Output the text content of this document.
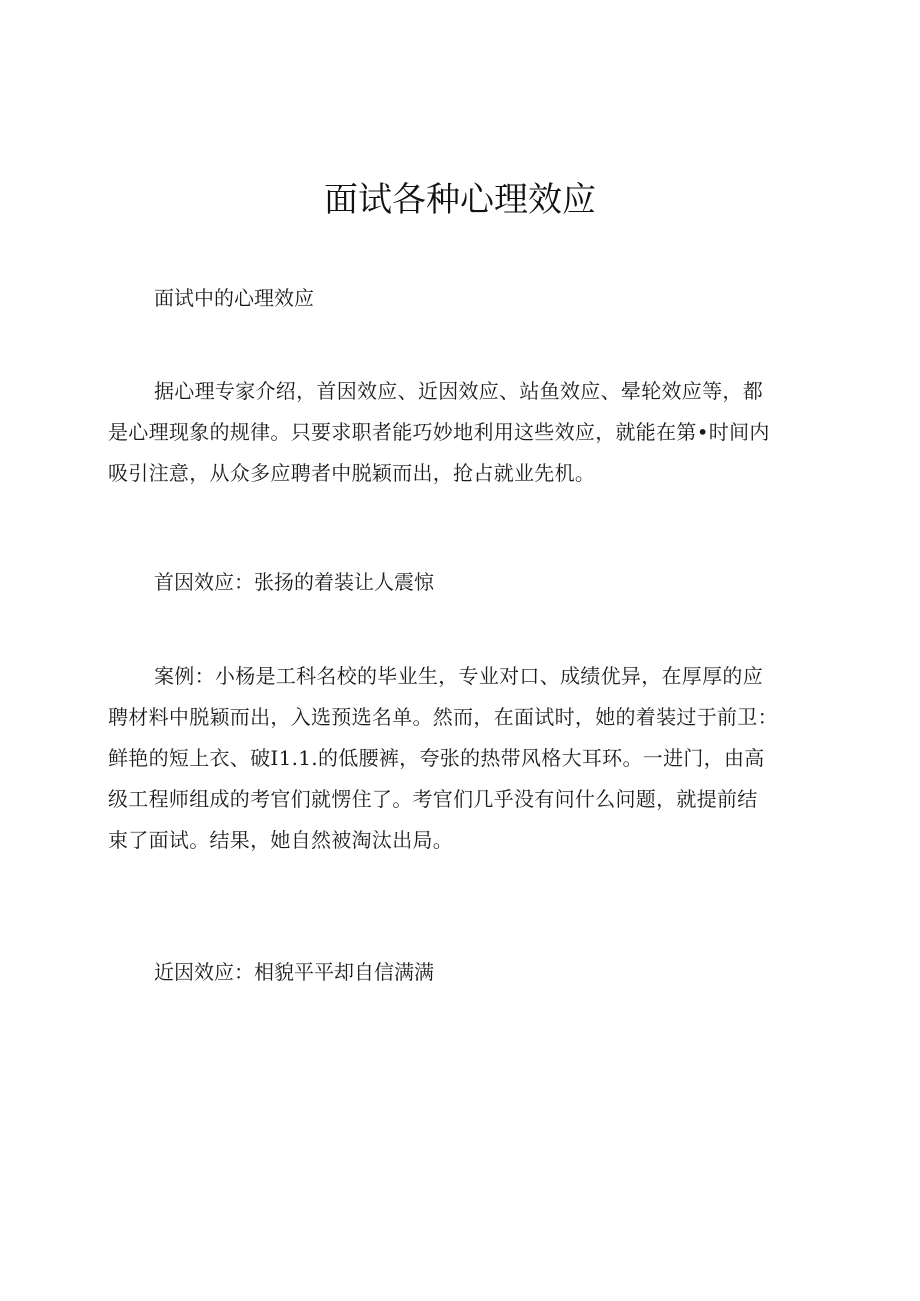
面试各种心理效应

面试中的心理效应

据心理专家介绍，首因效应、近因效应、站鱼效应、晕轮效应等，都
是心理现象的规律。只要求职者能巧妙地利用这些效应，就能在第•时间内
吸引注意，从众多应聘者中脱颖而出，抢占就业先机。

首因效应：张扬的着装让人震惊

案例：小杨是工科名校的毕业生，专业对口、成绩优异，在厚厚的应
聘材料中脱颖而出，入选预选名单。然而，在面试时，她的着装过于前卫：
鲜艳的短上衣、破I1.1.的低腰裤，夸张的热带风格大耳环。一进门，由高
级工程师组成的考官们就愣住了。考官们几乎没有问什么问题，就提前结
束了面试。结果，她自然被淘汰出局。

近因效应：相貌平平却自信满满
